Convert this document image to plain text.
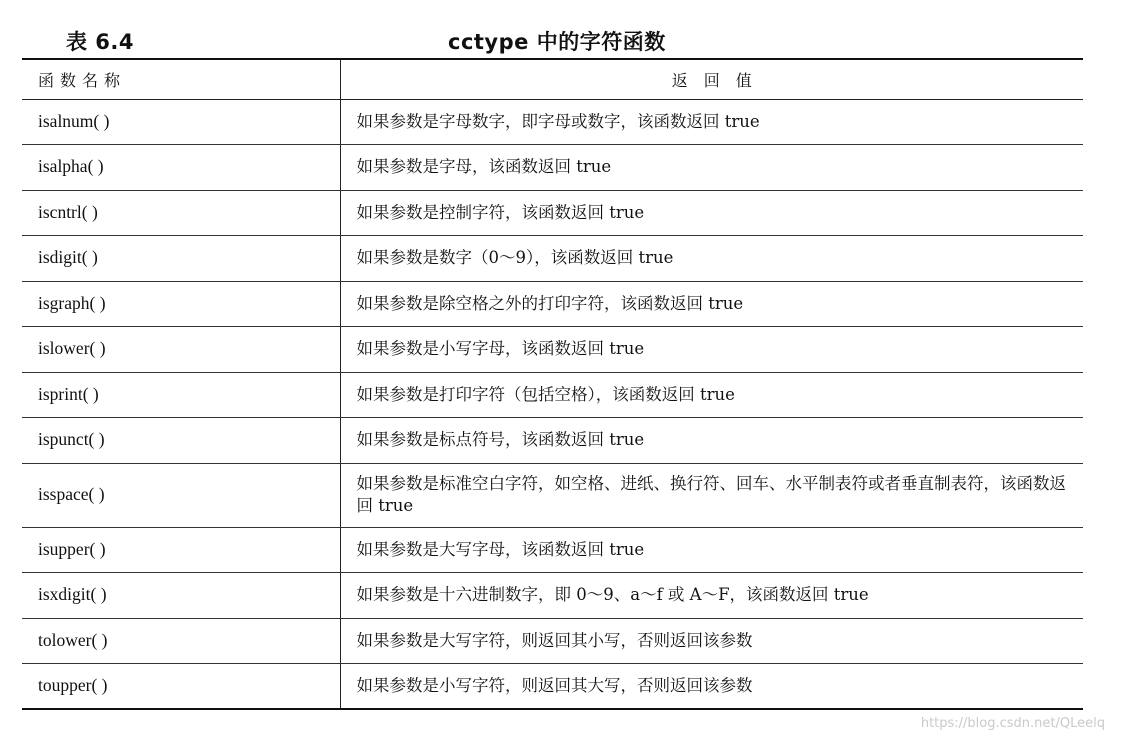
表 6.4	cctype 中的字符函数
函数名称	返回值
isalnum( )	如果参数是字母数字，即字母或数字，该函数返回 true
isalpha( )	如果参数是字母，该函数返回 true
iscntrl( )	如果参数是控制字符，该函数返回 true
isdigit( )	如果参数是数字（0～9），该函数返回 true
isgraph( )	如果参数是除空格之外的打印字符，该函数返回 true
islower( )	如果参数是小写字母，该函数返回 true
isprint( )	如果参数是打印字符（包括空格），该函数返回 true
ispunct( )	如果参数是标点符号，该函数返回 true
isspace( )	如果参数是标准空白字符，如空格、进纸、换行符、回车、水平制表符或者垂直制表符，该函数返回 true
isupper( )	如果参数是大写字母，该函数返回 true
isxdigit( )	如果参数是十六进制数字，即 0～9、a～f 或 A～F，该函数返回 true
tolower( )	如果参数是大写字符，则返回其小写，否则返回该参数
toupper( )	如果参数是小写字符，则返回其大写，否则返回该参数
https://blog.csdn.net/QLeelq
